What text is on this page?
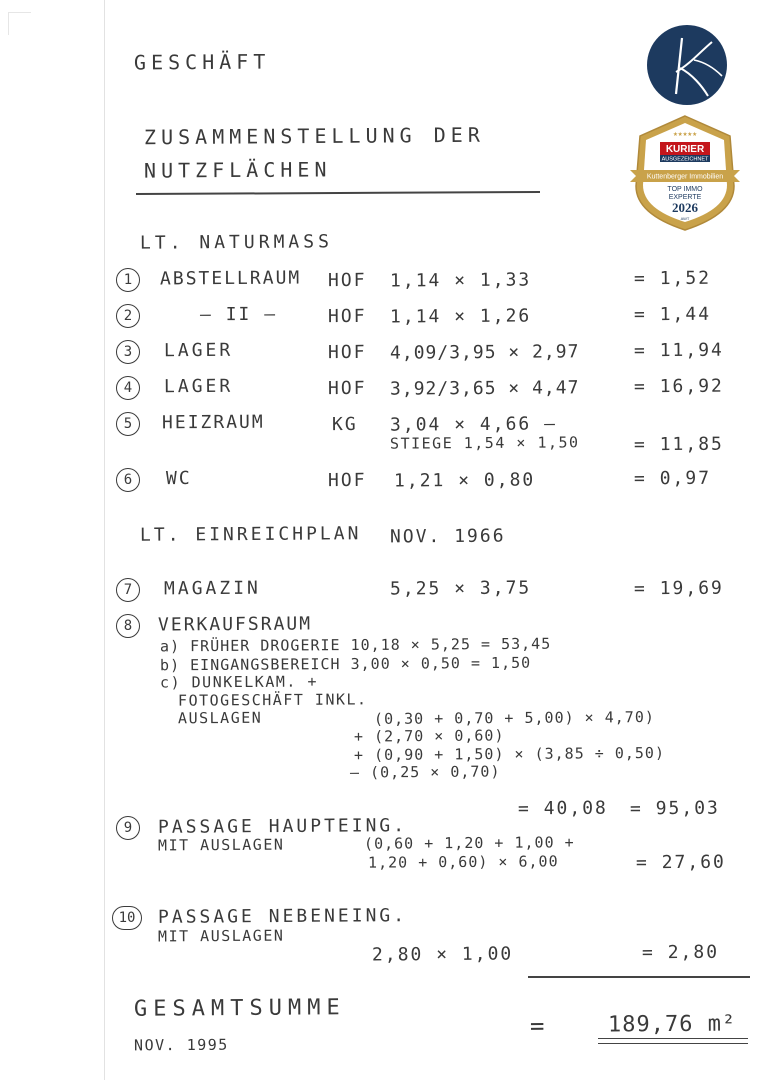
KURIER
AUSGEZEICHNET
Kuttenberger Immobilien
TOP IMMO
EXPERTE
2026
AWT
★★★★★
GESCHÄFT
ZUSAMMENSTELLUNG DER
NUTZFLÄCHEN
LT. NATURMASS
1	ABSTELLRAUM HOF 1,14 × 1,33	= 1,52
2	— II —	HOF 1,14 × 1,26	= 1,44
3	LAGER	HOF 4,09/3,95 × 2,97	= 11,94
4	LAGER	HOF 3,92/3,65 × 4,47	= 16,92
5	HEIZRAUM	KG 3,04 × 4,66 —
STIEGE 1,54 × 1,50	= 11,85
6	WC	HOF 1,21 × 0,80	= 0,97
LT. EINREICHPLAN NOV. 1966
7	MAGAZIN	5,25 × 3,75	= 19,69
8	VERKAUFSRAUM
a) FRÜHER DROGERIE 10,18 × 5,25 = 53,45
b) EINGANGSBEREICH 3,00 × 0,50 = 1,50
c) DUNKELKAM. +
FOTOGESCHÄFT INKL.
AUSLAGEN	(0,30 + 0,70 + 5,00) × 4,70)
+ (2,70 × 0,60)
+ (0,90 + 1,50) × (3,85 ÷ 0,50)
— (0,25 × 0,70)
= 40,08 = 95,03
9	PASSAGE HAUPTEING.
MIT AUSLAGEN	(0,60 + 1,20 + 1,00 +
1,20 + 0,60) × 6,00	= 27,60
10	PASSAGE NEBENEING.
MIT AUSLAGEN
2,80 × 1,00	= 2,80
GESAMTSUMME
=	189,76 m²
NOV. 1995
